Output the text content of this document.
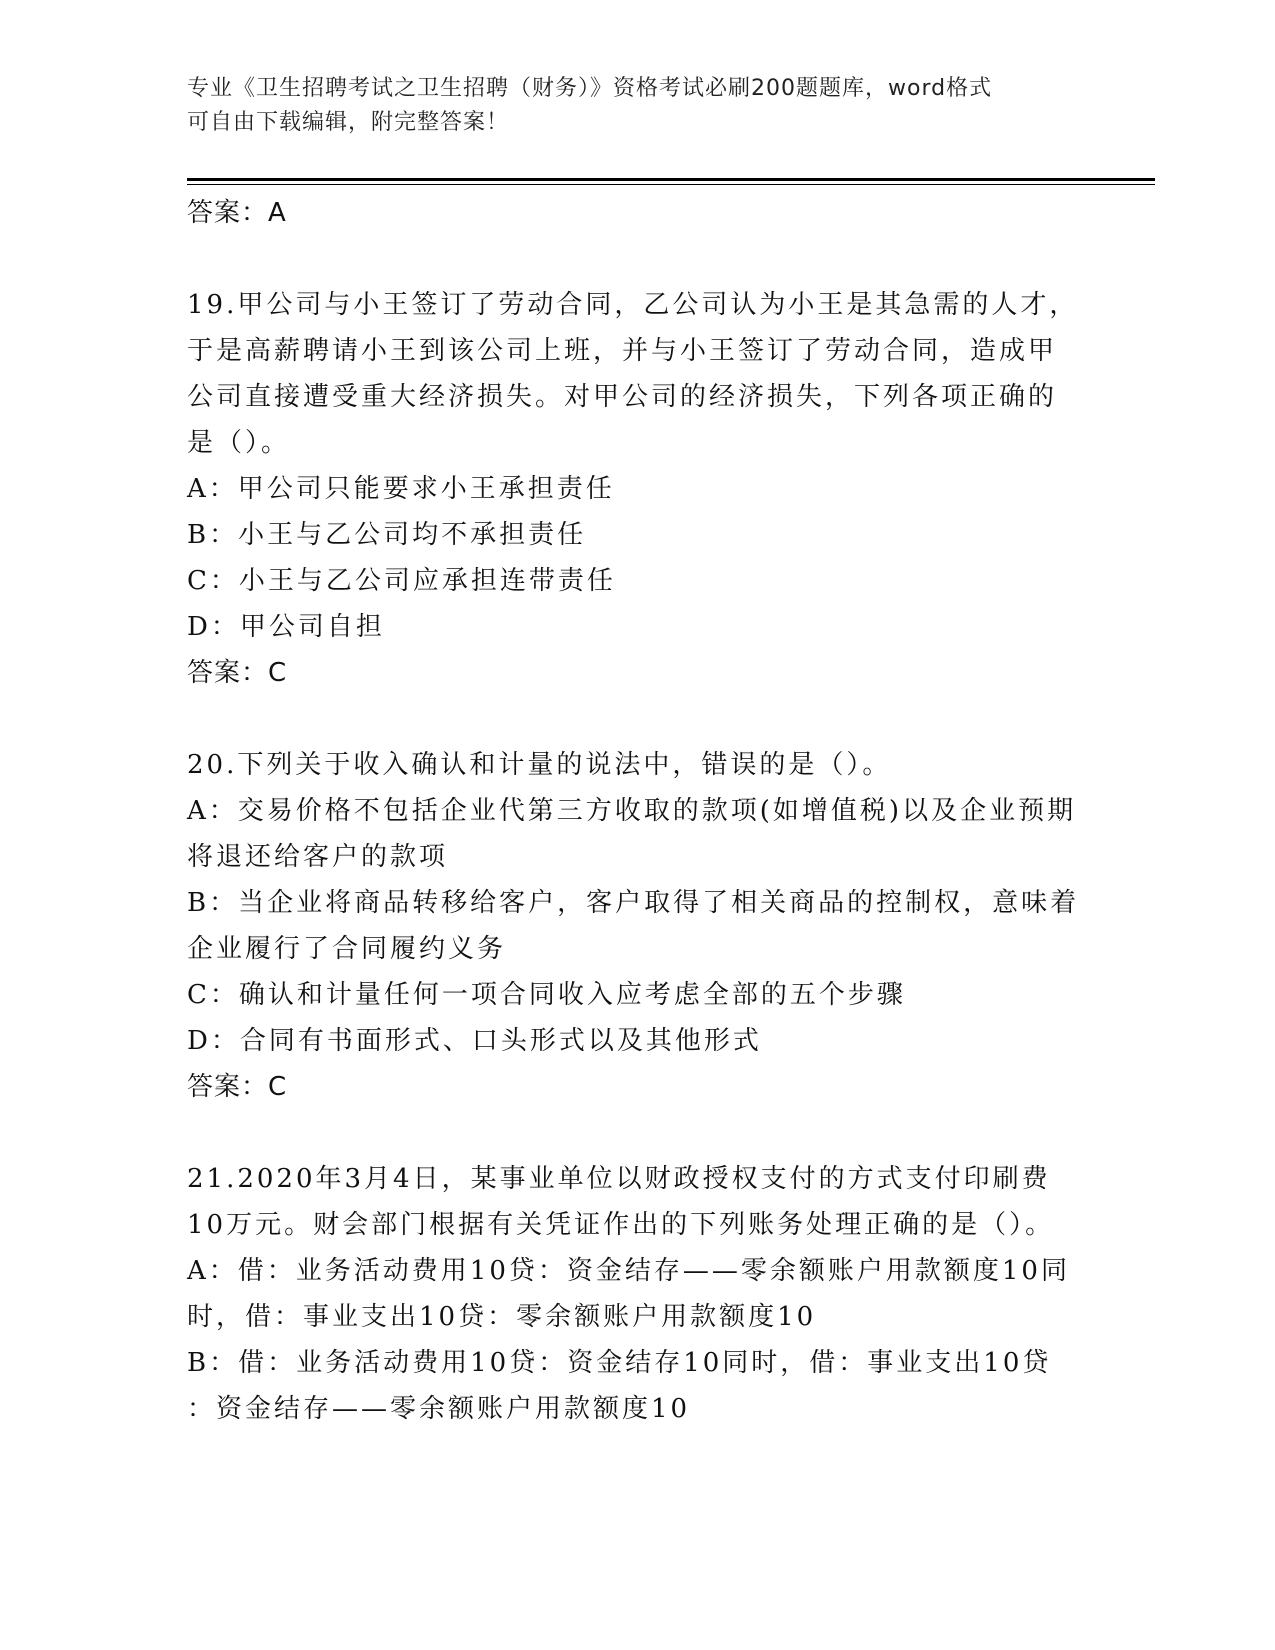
专业《卫生招聘考试之卫生招聘（财务）》资格考试必刷200题题库，word格式
可自由下载编辑，附完整答案！
答案：A
19.甲公司与小王签订了劳动合同，乙公司认为小王是其急需的人才，
于是高薪聘请小王到该公司上班，并与小王签订了劳动合同，造成甲
公司直接遭受重大经济损失。对甲公司的经济损失，下列各项正确的
是（）。
A：甲公司只能要求小王承担责任
B：小王与乙公司均不承担责任
C：小王与乙公司应承担连带责任
D：甲公司自担
答案：C
20.下列关于收入确认和计量的说法中，错误的是（）。
A：交易价格不包括企业代第三方收取的款项(如增值税)以及企业预期
将退还给客户的款项
B：当企业将商品转移给客户，客户取得了相关商品的控制权，意味着
企业履行了合同履约义务
C：确认和计量任何一项合同收入应考虑全部的五个步骤
D：合同有书面形式、口头形式以及其他形式
答案：C
21.2020年3月4日，某事业单位以财政授权支付的方式支付印刷费
10万元。财会部门根据有关凭证作出的下列账务处理正确的是（）。
A：借：业务活动费用10贷：资金结存——零余额账户用款额度10同
时，借：事业支出10贷：零余额账户用款额度10
B：借：业务活动费用10贷：资金结存10同时，借：事业支出10贷
：资金结存——零余额账户用款额度10
